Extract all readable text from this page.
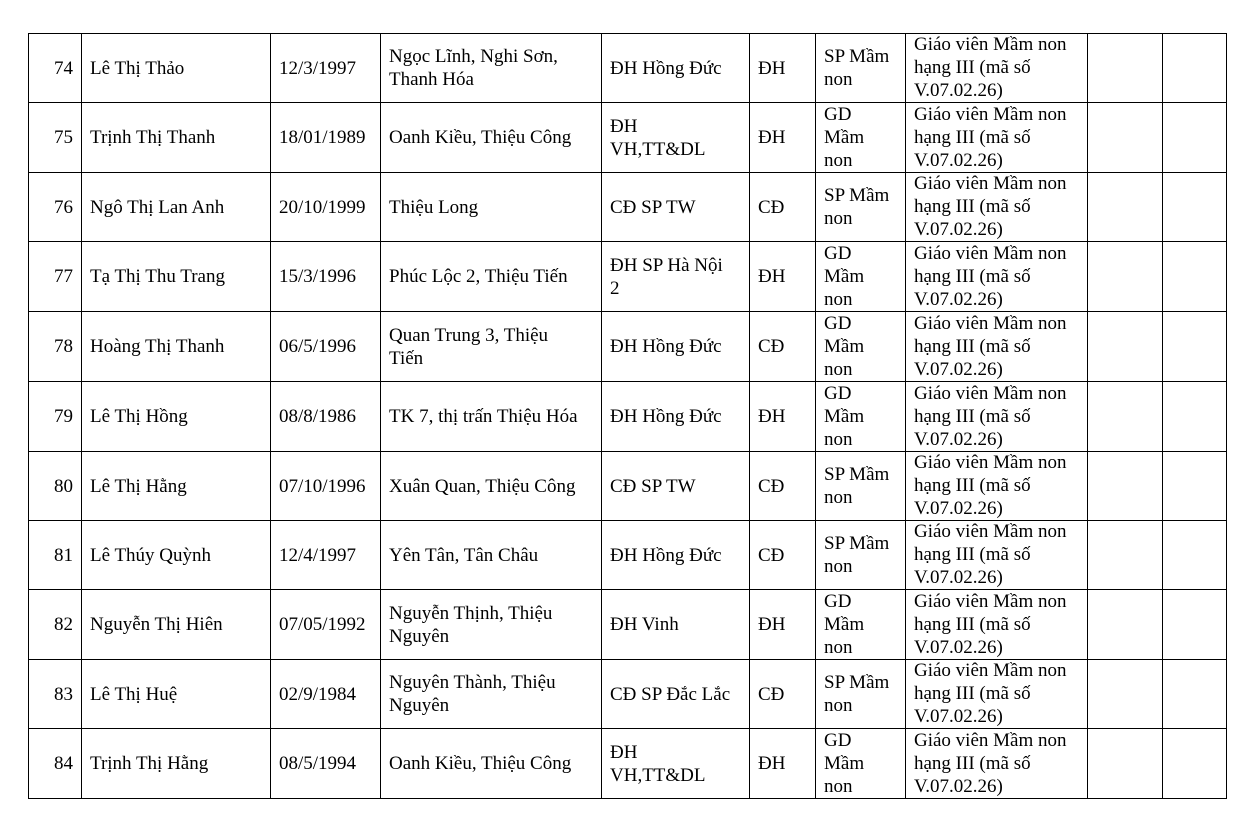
74	Lê Thị Thảo	12/3/1997	Ngọc Lĩnh, Nghi Sơn,
Thanh Hóa	ĐH Hồng Đức	ĐH	SP Mầm
non	Giáo viên Mầm non
hạng III (mã số
V.07.02.26)		

75	Trịnh Thị Thanh	18/01/1989	Oanh Kiều, Thiệu Công	ĐH
VH,TT&DL	ĐH	GD
Mầm
non	Giáo viên Mầm non
hạng III (mã số
V.07.02.26)		

76	Ngô Thị Lan Anh	20/10/1999	Thiệu Long	CĐ SP TW	CĐ	SP Mầm
non	Giáo viên Mầm non
hạng III (mã số
V.07.02.26)		

77	Tạ Thị Thu Trang	15/3/1996	Phúc Lộc 2, Thiệu Tiến	ĐH SP Hà Nội
2	ĐH	GD
Mầm
non	Giáo viên Mầm non
hạng III (mã số
V.07.02.26)		

78	Hoàng Thị Thanh	06/5/1996	Quan Trung 3, Thiệu
Tiến	ĐH Hồng Đức	CĐ	GD
Mầm
non	Giáo viên Mầm non
hạng III (mã số
V.07.02.26)		

79	Lê Thị Hồng	08/8/1986	TK 7, thị trấn Thiệu Hóa	ĐH Hồng Đức	ĐH	GD
Mầm
non	Giáo viên Mầm non
hạng III (mã số
V.07.02.26)		

80	Lê Thị Hằng	07/10/1996	Xuân Quan, Thiệu Công	CĐ SP TW	CĐ	SP Mầm
non	Giáo viên Mầm non
hạng III (mã số
V.07.02.26)		

81	Lê Thúy Quỳnh	12/4/1997	Yên Tân, Tân Châu	ĐH Hồng Đức	CĐ	SP Mầm
non	Giáo viên Mầm non
hạng III (mã số
V.07.02.26)		

82	Nguyễn Thị Hiên	07/05/1992	Nguyễn Thịnh, Thiệu
Nguyên	ĐH Vinh	ĐH	GD
Mầm
non	Giáo viên Mầm non
hạng III (mã số
V.07.02.26)		

83	Lê Thị Huệ	02/9/1984	Nguyên Thành, Thiệu
Nguyên	CĐ SP Đắc Lắc	CĐ	SP Mầm
non	Giáo viên Mầm non
hạng III (mã số
V.07.02.26)		

84	Trịnh Thị Hằng	08/5/1994	Oanh Kiều, Thiệu Công	ĐH
VH,TT&DL	ĐH	GD
Mầm
non	Giáo viên Mầm non
hạng III (mã số
V.07.02.26)		
